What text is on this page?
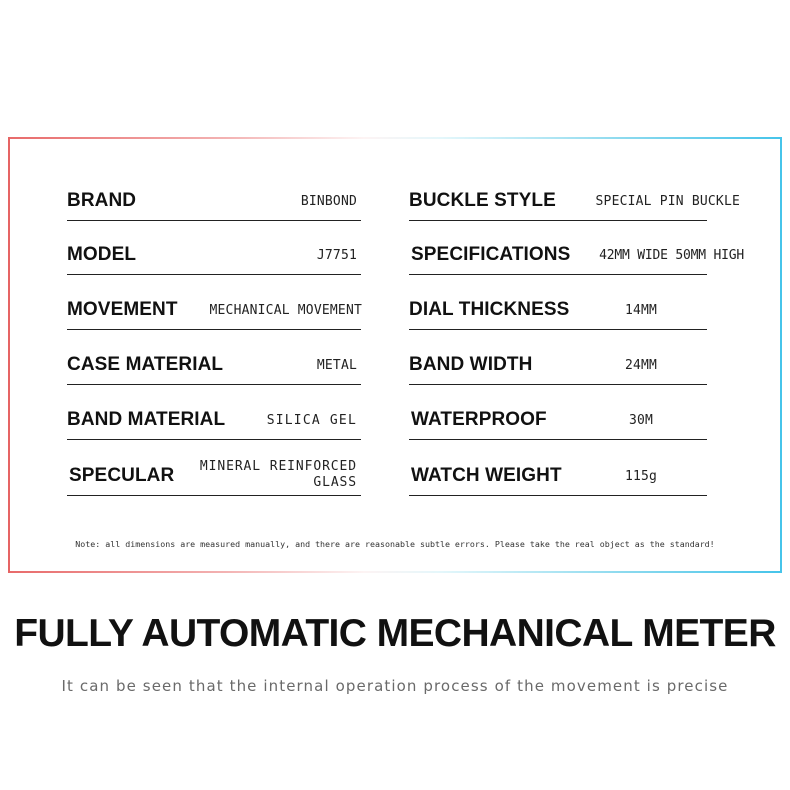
BRAND	BINBOND
MODEL	J7751
MOVEMENT MECHANICAL MOVEMENT
CASE MATERIAL	METAL
BAND MATERIAL	SILICA GEL
SPECULAR MINERAL REINFORCED
GLASS
BUCKLE STYLE	SPECIAL PIN BUCKLE
SPECIFICATIONS 42MM WIDE 50MM HIGH
DIAL THICKNESS	14MM
BAND WIDTH	24MM
WATERPROOF	30M
WATCH WEIGHT	115g
Note: all dimensions are measured manually, and there are reasonable subtle errors. Please take the real object as the standard!
FULLY AUTOMATIC MECHANICAL METER
It can be seen that the internal operation process of the movement is precise
